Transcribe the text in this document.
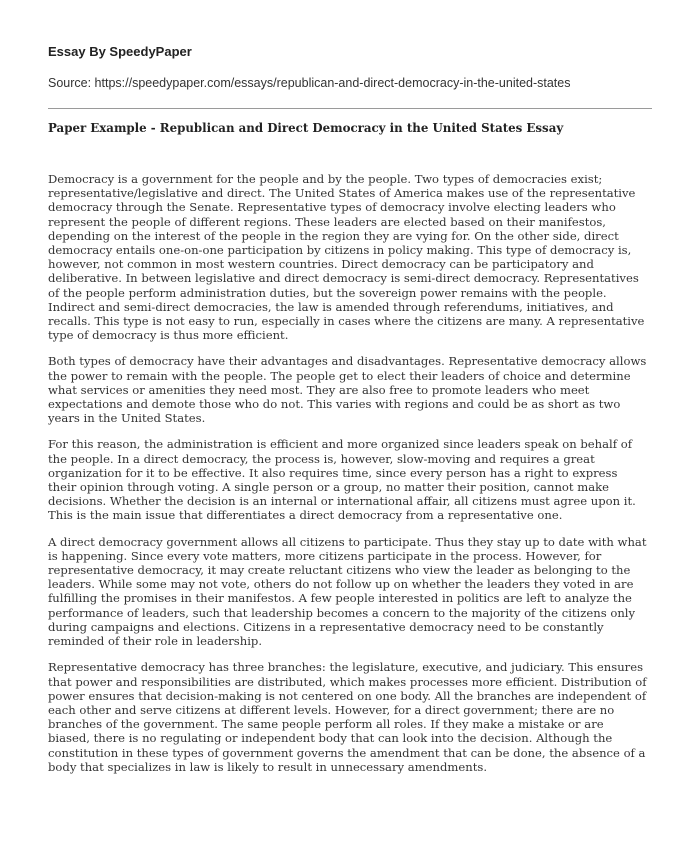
Essay By SpeedyPaper

Source: https://speedypaper.com/essays/republican-and-direct-democracy-in-the-united-states

Paper Example - Republican and Direct Democracy in the United States Essay

Democracy is a government for the people and by the people. Two types of democracies exist; representative/legislative and direct. The United States of America makes use of the representative democracy through the Senate. Representative types of democracy involve electing leaders who represent the people of different regions. These leaders are elected based on their manifestos, depending on the interest of the people in the region they are vying for. On the other side, direct democracy entails one-on-one participation by citizens in policy making. This type of democracy is, however, not common in most western countries. Direct democracy can be participatory and deliberative. In between legislative and direct democracy is semi-direct democracy. Representatives of the people perform administration duties, but the sovereign power remains with the people. Indirect and semi-direct democracies, the law is amended through referendums, initiatives, and recalls. This type is not easy to run, especially in cases where the citizens are many. A representative type of democracy is thus more efficient.

Both types of democracy have their advantages and disadvantages. Representative democracy allows the power to remain with the people. The people get to elect their leaders of choice and determine what services or amenities they need most. They are also free to promote leaders who meet expectations and demote those who do not. This varies with regions and could be as short as two years in the United States.

For this reason, the administration is efficient and more organized since leaders speak on behalf of the people. In a direct democracy, the process is, however, slow-moving and requires a great organization for it to be effective. It also requires time, since every person has a right to express their opinion through voting. A single person or a group, no matter their position, cannot make decisions. Whether the decision is an internal or international affair, all citizens must agree upon it. This is the main issue that differentiates a direct democracy from a representative one.

A direct democracy government allows all citizens to participate. Thus they stay up to date with what is happening. Since every vote matters, more citizens participate in the process. However, for representative democracy, it may create reluctant citizens who view the leader as belonging to the leaders. While some may not vote, others do not follow up on whether the leaders they voted in are fulfilling the promises in their manifestos. A few people interested in politics are left to analyze the performance of leaders, such that leadership becomes a concern to the majority of the citizens only during campaigns and elections. Citizens in a representative democracy need to be constantly reminded of their role in leadership.

Representative democracy has three branches: the legislature, executive, and judiciary. This ensures that power and responsibilities are distributed, which makes processes more efficient. Distribution of power ensures that decision-making is not centered on one body. All the branches are independent of each other and serve citizens at different levels. However, for a direct government; there are no branches of the government. The same people perform all roles. If they make a mistake or are biased, there is no regulating or independent body that can look into the decision. Although the constitution in these types of government governs the amendment that can be done, the absence of a body that specializes in law is likely to result in unnecessary amendments.
